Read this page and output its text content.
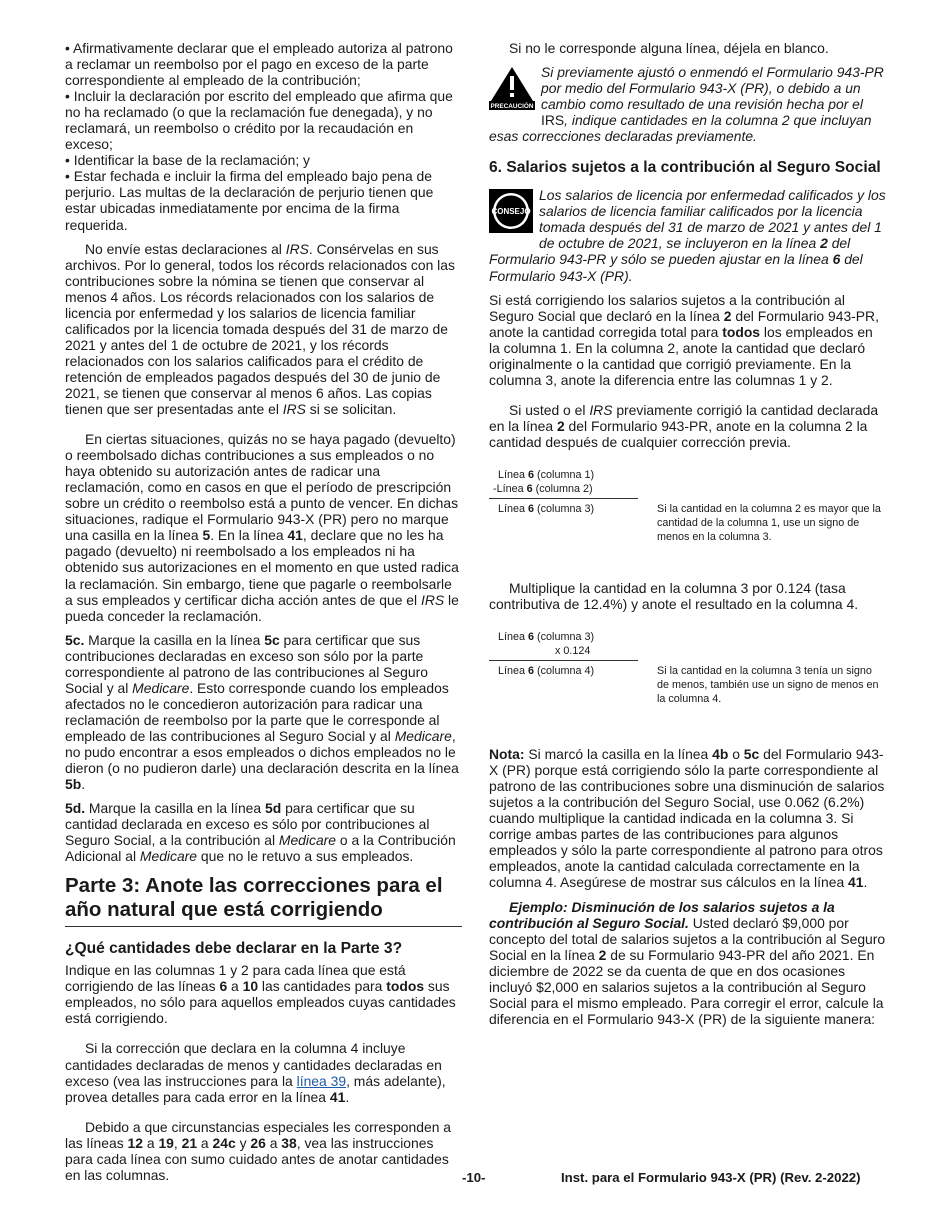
• Afirmativamente declarar que el empleado autoriza al patrono a reclamar un reembolso por el pago en exceso de la parte correspondiente al empleado de la contribución;

• Incluir la declaración por escrito del empleado que afirma que no ha reclamado (o que la reclamación fue denegada), y no reclamará, un reembolso o crédito por la recaudación en exceso;

• Identificar la base de la reclamación; y

• Estar fechada e incluir la firma del empleado bajo pena de perjurio. Las multas de la declaración de perjurio tienen que estar ubicadas inmediatamente por encima de la firma requerida.

No envíe estas declaraciones al IRS. Consérvelas en sus archivos. Por lo general, todos los récords relacionados con las contribuciones sobre la nómina se tienen que conservar al menos 4 años. Los récords relacionados con los salarios de licencia por enfermedad y los salarios de licencia familiar calificados por la licencia tomada después del 31 de marzo de 2021 y antes del 1 de octubre de 2021, y los récords relacionados con los salarios calificados para el crédito de retención de empleados pagados después del 30 de junio de 2021, se tienen que conservar al menos 6 años. Las copias tienen que ser presentadas ante el IRS si se solicitan.

En ciertas situaciones, quizás no se haya pagado (devuelto) o reembolsado dichas contribuciones a sus empleados o no haya obtenido su autorización antes de radicar una reclamación, como en casos en que el período de prescripción sobre un crédito o reembolso está a punto de vencer. En dichas situaciones, radique el Formulario 943-X (PR) pero no marque una casilla en la línea 5. En la línea 41, declare que no les ha pagado (devuelto) ni reembolsado a los empleados ni ha obtenido sus autorizaciones en el momento en que usted radica la reclamación. Sin embargo, tiene que pagarle o reembolsarle a sus empleados y certificar dicha acción antes de que el IRS le pueda conceder la reclamación.

5c. Marque la casilla en la línea 5c para certificar que sus contribuciones declaradas en exceso son sólo por la parte correspondiente al patrono de las contribuciones al Seguro Social y al Medicare. Esto corresponde cuando los empleados afectados no le concedieron autorización para radicar una reclamación de reembolso por la parte que le corresponde al empleado de las contribuciones al Seguro Social y al Medicare, no pudo encontrar a esos empleados o dichos empleados no le dieron (o no pudieron darle) una declaración descrita en la línea 5b.

5d. Marque la casilla en la línea 5d para certificar que su cantidad declarada en exceso es sólo por contribuciones al Seguro Social, a la contribución al Medicare o a la Contribución Adicional al Medicare que no le retuvo a sus empleados.

Parte 3: Anote las correcciones para el año natural que está corrigiendo
¿Qué cantidades debe declarar en la Parte 3?

Indique en las columnas 1 y 2 para cada línea que está corrigiendo de las líneas 6 a 10 las cantidades para todos sus empleados, no sólo para aquellos empleados cuyas cantidades está corrigiendo.

Si la corrección que declara en la columna 4 incluye cantidades declaradas de menos y cantidades declaradas en exceso (vea las instrucciones para la línea 39, más adelante), provea detalles para cada error en la línea 41.

Debido a que circunstancias especiales les corresponden a las líneas 12 a 19, 21 a 24c y 26 a 38, vea las instrucciones para cada línea con sumo cuidado antes de anotar cantidades en las columnas.

Si no le corresponde alguna línea, déjela en blanco.

PRECAUCIÓN

Si previamente ajustó o enmendó el Formulario 943-PR por medio del Formulario 943-X (PR), o debido a un cambio como resultado de una revisión hecha por el IRS, indique cantidades en la columna 2 que incluyan esas correcciones declaradas previamente.

6. Salarios sujetos a la contribución al Seguro Social
CONSEJO

Los salarios de licencia por enfermedad calificados y los salarios de licencia familiar calificados por la licencia tomada después del 31 de marzo de 2021 y antes del 1 de octubre de 2021, se incluyeron en la línea 2 del Formulario 943-PR y sólo se pueden ajustar en la línea 6 del Formulario 943-X (PR).

Si está corrigiendo los salarios sujetos a la contribución al Seguro Social que declaró en la línea 2 del Formulario 943-PR, anote la cantidad corregida total para todos los empleados en la columna 1. En la columna 2, anote la cantidad que declaró originalmente o la cantidad que corrigió previamente. En la columna 3, anote la diferencia entre las columnas 1 y 2.

Si usted o el IRS previamente corrigió la cantidad declarada en la línea 2 del Formulario 943-PR, anote en la columna 2 la cantidad después de cualquier corrección previa.

Línea 6 (columna 1)
-Línea 6 (columna 2)
Línea 6 (columna 3)	Si la cantidad en la columna 2 es mayor que la cantidad de la columna 1, use un signo de menos en la columna 3.

Multiplique la cantidad en la columna 3 por 0.124 (tasa contributiva de 12.4%) y anote el resultado en la columna 4.

Línea 6 (columna 3)
x 0.124
Línea 6 (columna 4)	Si la cantidad en la columna 3 tenía un signo de menos, también use un signo de menos en la columna 4.

Nota: Si marcó la casilla en la línea 4b o 5c del Formulario 943-X (PR) porque está corrigiendo sólo la parte correspondiente al patrono de las contribuciones sobre una disminución de salarios sujetos a la contribución del Seguro Social, use 0.062 (6.2%) cuando multiplique la cantidad indicada en la columna 3. Si corrige ambas partes de las contribuciones para algunos empleados y sólo la parte correspondiente al patrono para otros empleados, anote la cantidad calculada correctamente en la columna 4. Asegúrese de mostrar sus cálculos en la línea 41.

Ejemplo: Disminución de los salarios sujetos a la contribución al Seguro Social. Usted declaró $9,000 por concepto del total de salarios sujetos a la contribución al Seguro Social en la línea 2 de su Formulario 943-PR del año 2021. En diciembre de 2022 se da cuenta de que en dos ocasiones incluyó $2,000 en salarios sujetos a la contribución al Seguro Social para el mismo empleado. Para corregir el error, calcule la diferencia en el Formulario 943-X (PR) de la siguiente manera:

-10-	Inst. para el Formulario 943-X (PR) (Rev. 2-2022)
